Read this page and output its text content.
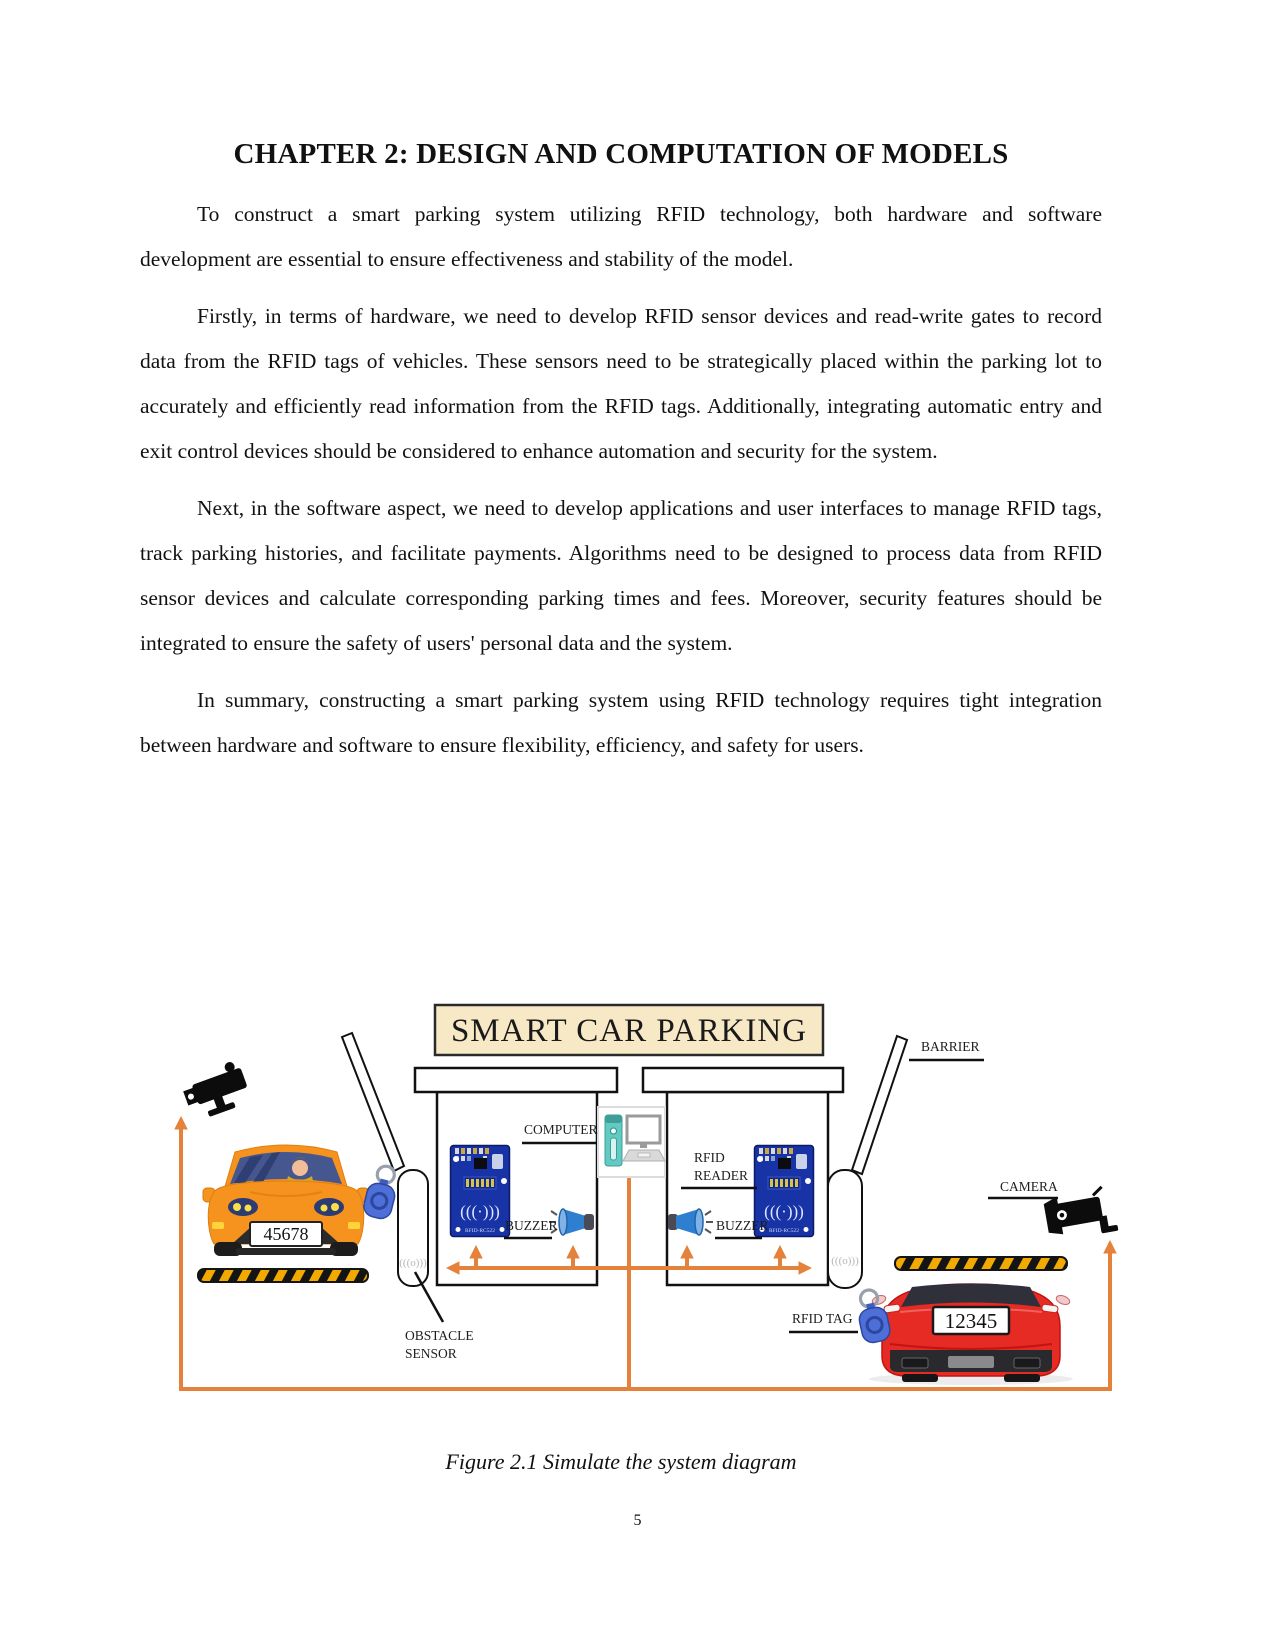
CHAPTER 2: DESIGN AND COMPUTATION OF MODELS

To construct a smart parking system utilizing RFID technology, both hardware and software development are essential to ensure effectiveness and stability of the model.

Firstly, in terms of hardware, we need to develop RFID sensor devices and read-write gates to record data from the RFID tags of vehicles. These sensors need to be strategically placed within the parking lot to accurately and efficiently read information from the RFID tags. Additionally, integrating automatic entry and exit control devices should be considered to enhance automation and security for the system.

Next, in the software aspect, we need to develop applications and user interfaces to manage RFID tags, track parking histories, and facilitate payments. Algorithms need to be designed to process data from RFID sensor devices and calculate corresponding parking times and fees. Moreover, security features should be integrated to ensure the safety of users' personal data and the system.

In summary, constructing a smart parking system using RFID technology requires tight integration between hardware and software to ensure flexibility, efficiency, and safety for users.

(((·)))
RFID-RC522
SMART CAR PARKING
(((o)))	(((o)))
45678
12345
BARRIER
COMPUTER
RFID
READER
BUZZER	BUZZER
CAMERA
RFID TAG
OBSTACLE
SENSOR
Figure 2.1 Simulate the system diagram
5
